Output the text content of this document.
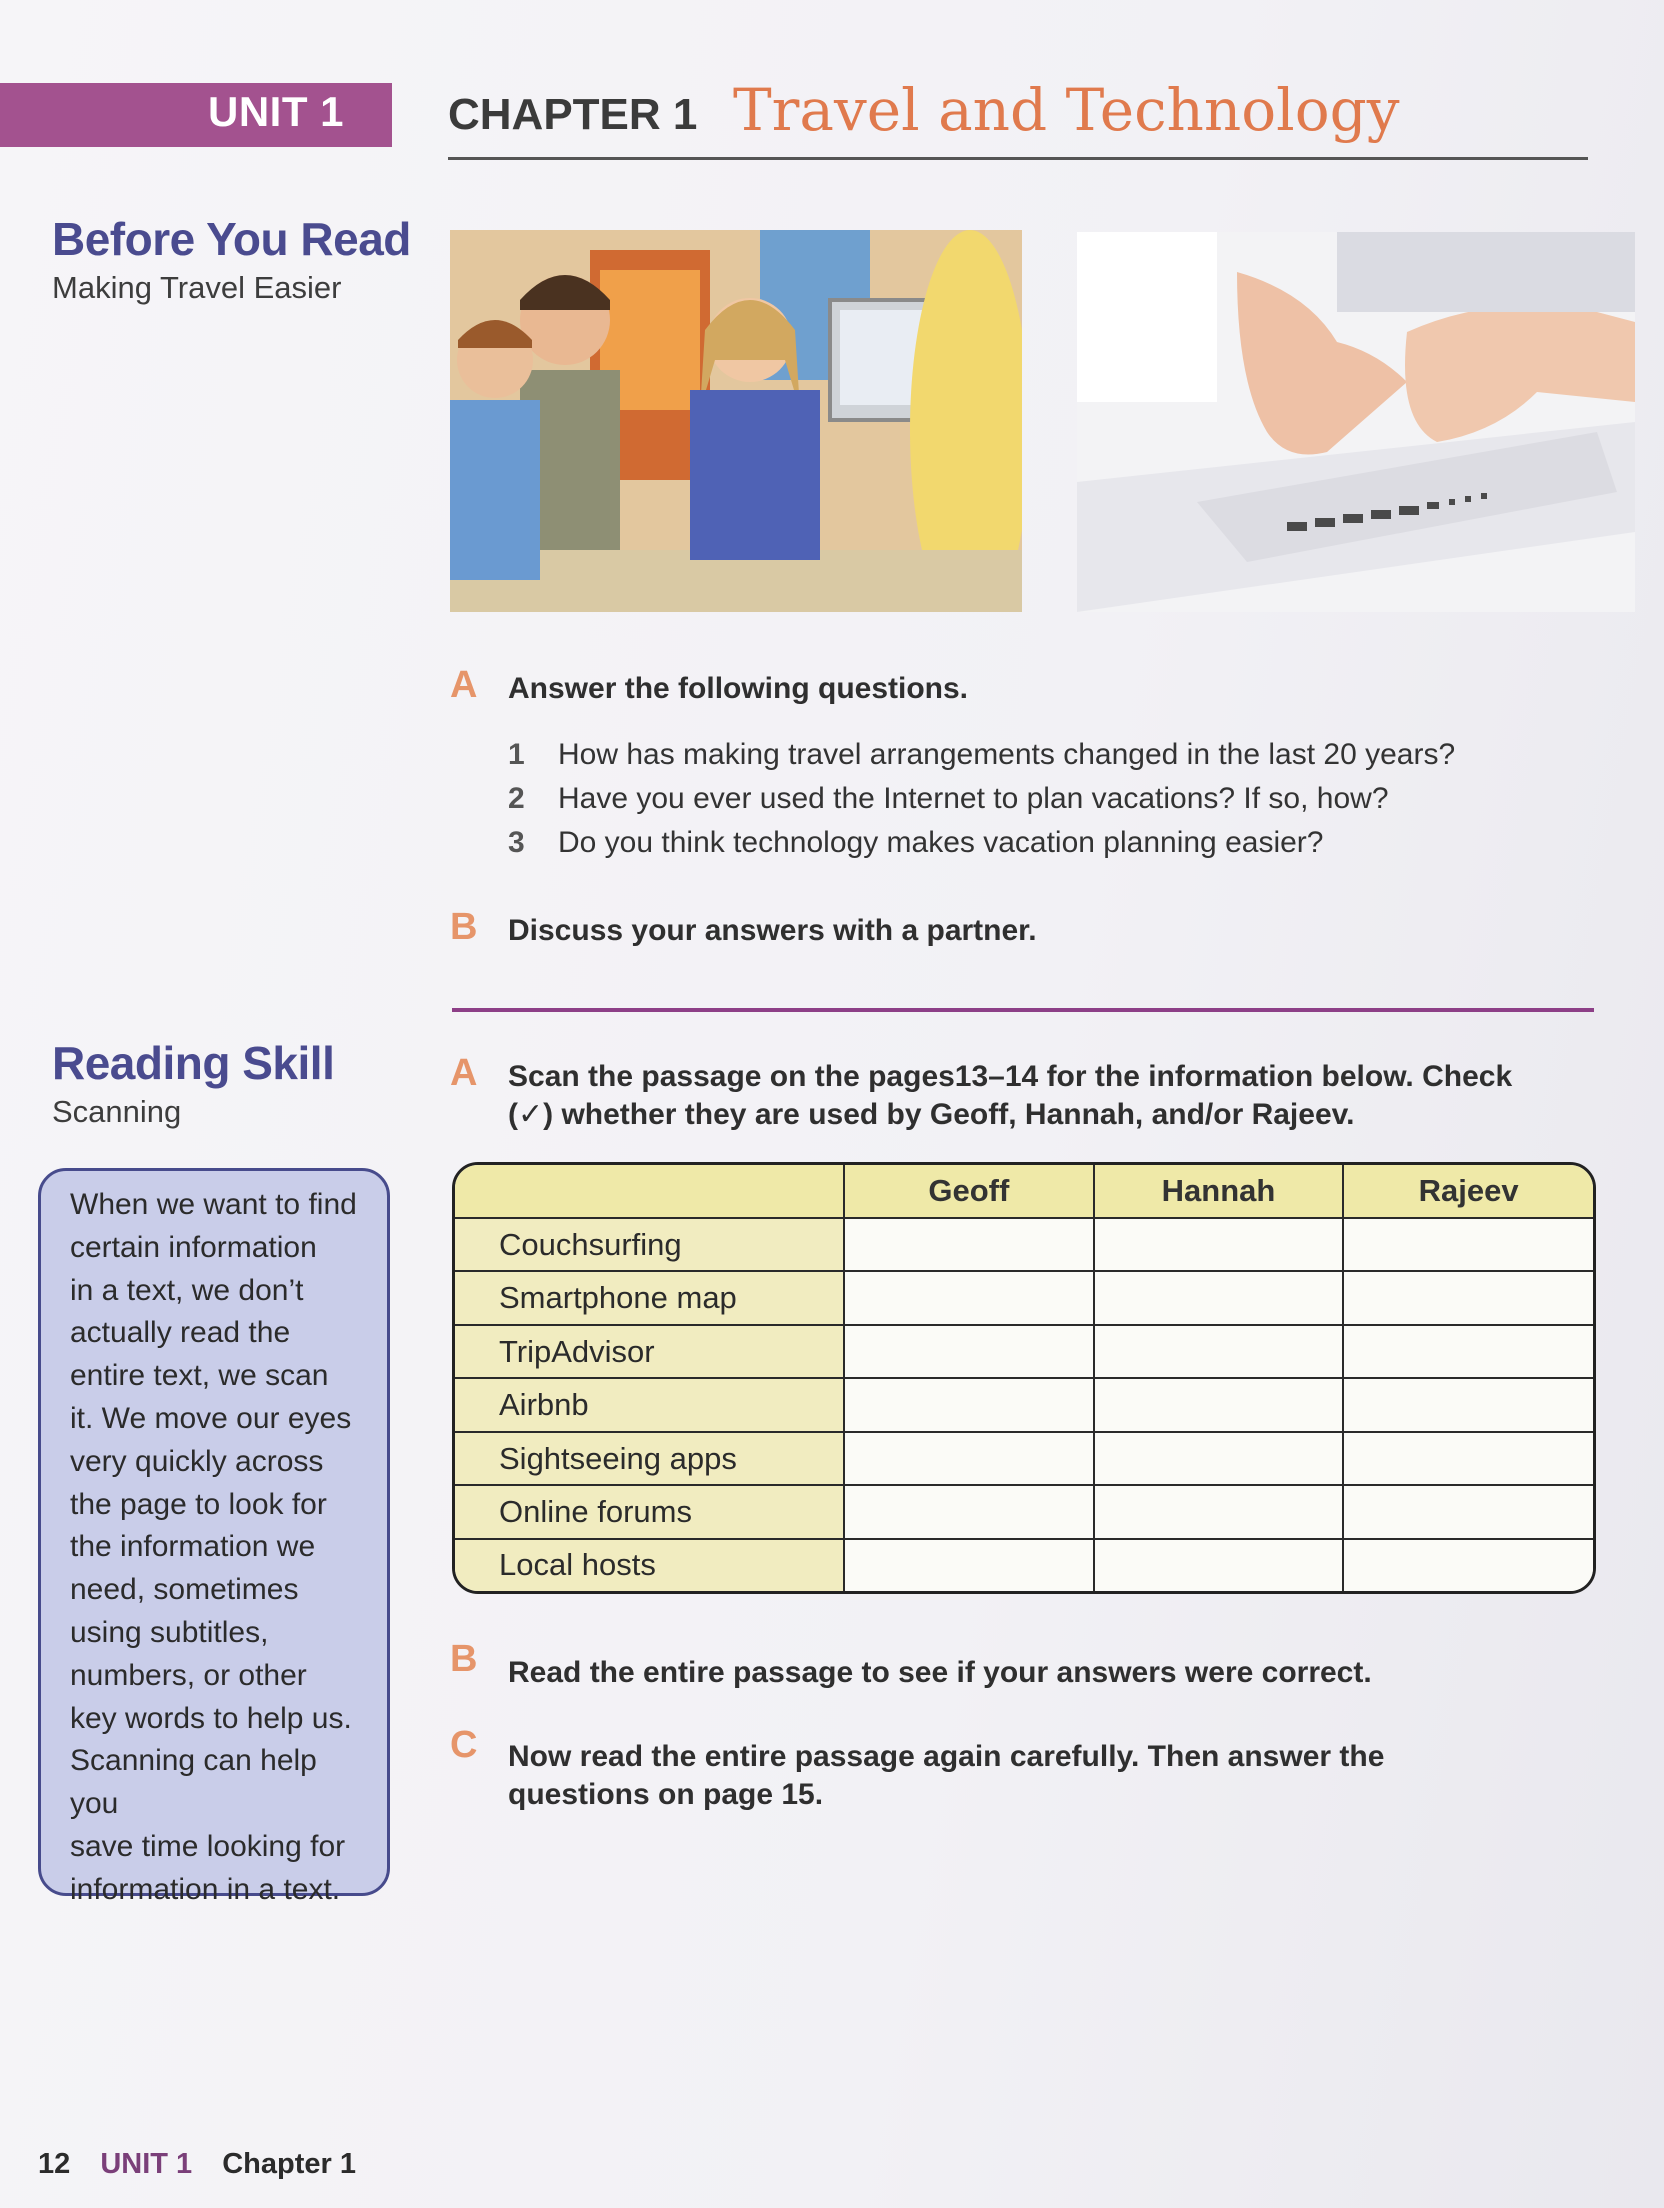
UNIT 1 CHAPTER 1 Travel and Technology
Before You Read
Making Travel Easier
A Answer the following questions.
1 How has making travel arrangements changed in the last 20 years?
2 Have you ever used the Internet to plan vacations? If so, how?
3 Do you think technology makes vacation planning easier?
B Discuss your answers with a partner.
Reading Skill
Scanning
When we want to find
certain information
in a text, we don’t
actually read the
entire text, we scan
it. We move our eyes
very quickly across
the page to look for
the information we
need, sometimes
using subtitles,
numbers, or other
key words to help us.
Scanning can help you
save time looking for
information in a text.
A Scan the passage on the pages13–14 for the information below. Check
(✓) whether they are used by Geoff, Hannah, and/or Rajeev.
	Geoff	Hannah	Rajeev
Couchsurfing			
Smartphone map			
TripAdvisor			
Airbnb			
Sightseeing apps			
Online forums			
Local hosts			
B Read the entire passage to see if your answers were correct.
C Now read the entire passage again carefully. Then answer the
questions on page 15.
12 UNIT 1 Chapter 1
